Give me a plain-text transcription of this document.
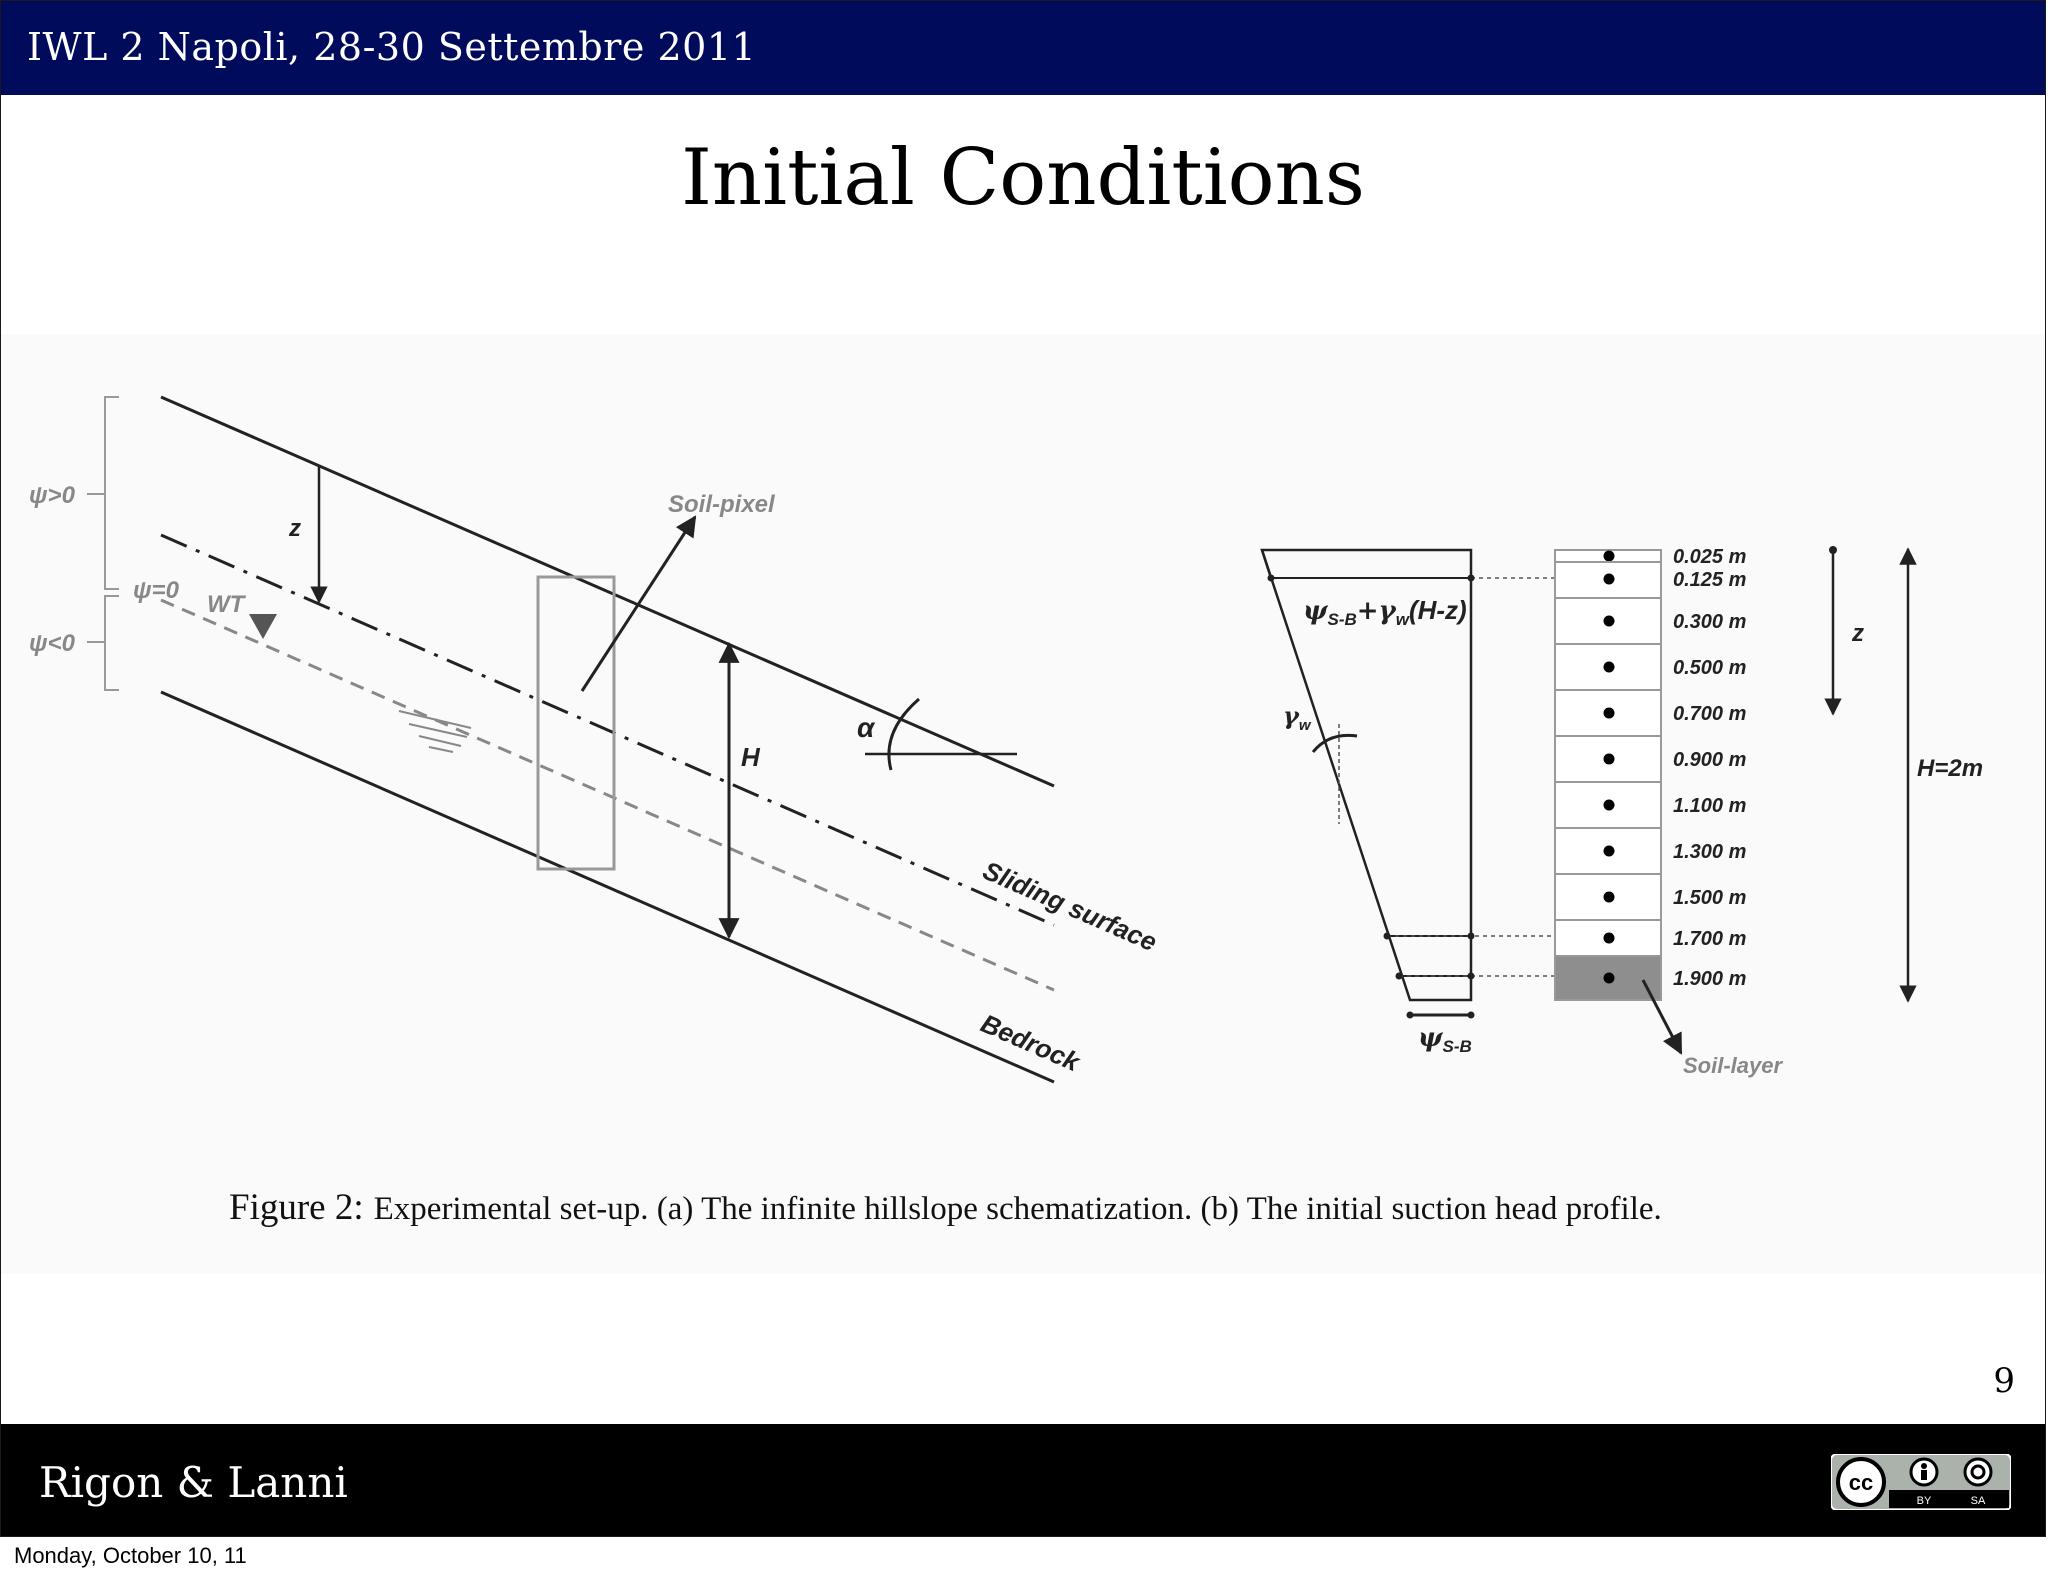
IWL 2 Napoli, 28-30 Settembre 2011
Initial Conditions
ψ>0
ψ=0
ψ<0
WT
z
Soil-pixel
H
α
Sliding surface
Bedrock
$\psi_{S-B}+\gamma_w(H-z)$
$\gamma_w$
$\psi_{S-B}$
0.025 m
0.125 m
0.300 m
0.500 m
0.700 m
0.900 m
1.100 m
1.300 m
1.500 m
1.700 m
1.900 m
z
H=2m
Soil-layer
Figure 2: Experimental set-up. (a) The infinite hillslope schematization. (b) The initial suction head profile.
9
Rigon & Lanni	cc
BY	SA
Monday, October 10, 11
